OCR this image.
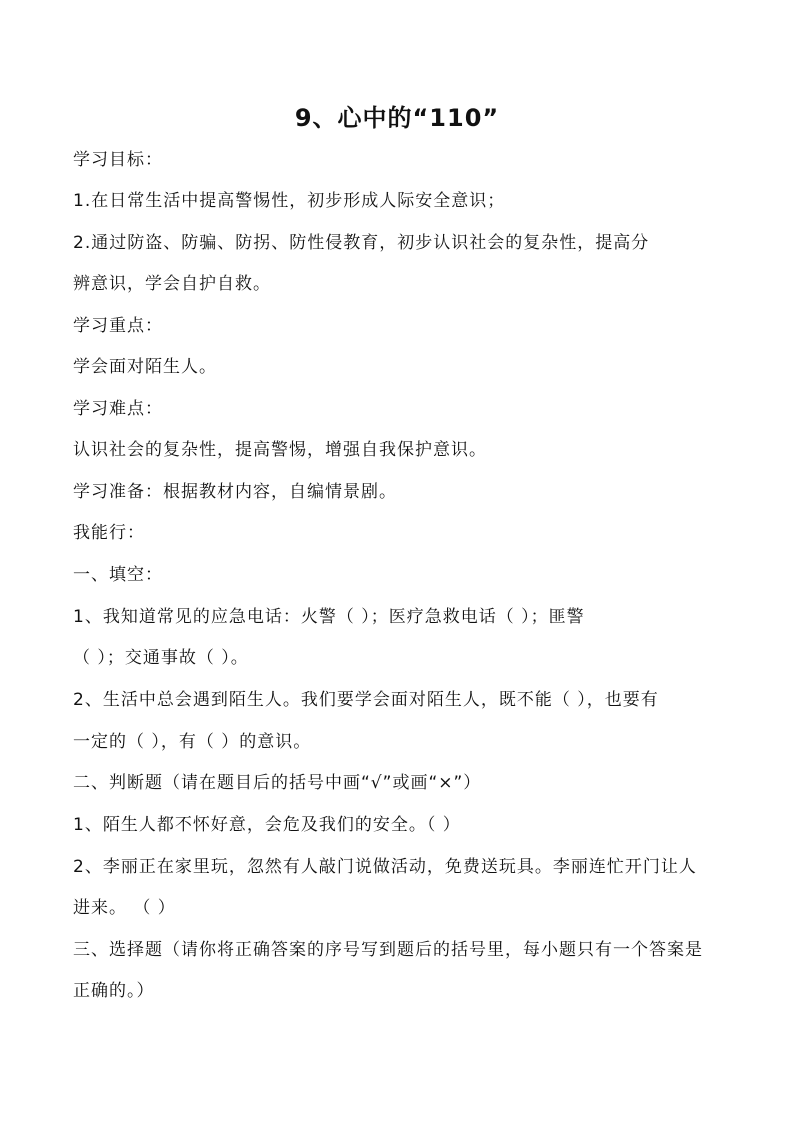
9、心中的“110”
学习目标：
1.在日常生活中提高警惕性，初步形成人际安全意识；
2.通过防盗、防骗、防拐、防性侵教育，初步认识社会的复杂性，提高分
辨意识，学会自护自救。
学习重点：
学会面对陌生人。
学习难点：
认识社会的复杂性，提高警惕，增强自我保护意识。
学习准备：根据教材内容，自编情景剧。
我能行：
一、填空：
1、我知道常见的应急电话：火警（ ）；医疗急救电话（ ）；匪警
（ ）；交通事故（ ）。
2、生活中总会遇到陌生人。我们要学会面对陌生人，既不能（ ），也要有
一定的（ ），有（ ）的意识。
二、判断题（请在题目后的括号中画“√”或画“×”）
1、陌生人都不怀好意，会危及我们的安全。（ ）
2、李丽正在家里玩，忽然有人敲门说做活动，免费送玩具。李丽连忙开门让人
进来。 （ ）
三、选择题（请你将正确答案的序号写到题后的括号里，每小题只有一个答案是
正确的。）
